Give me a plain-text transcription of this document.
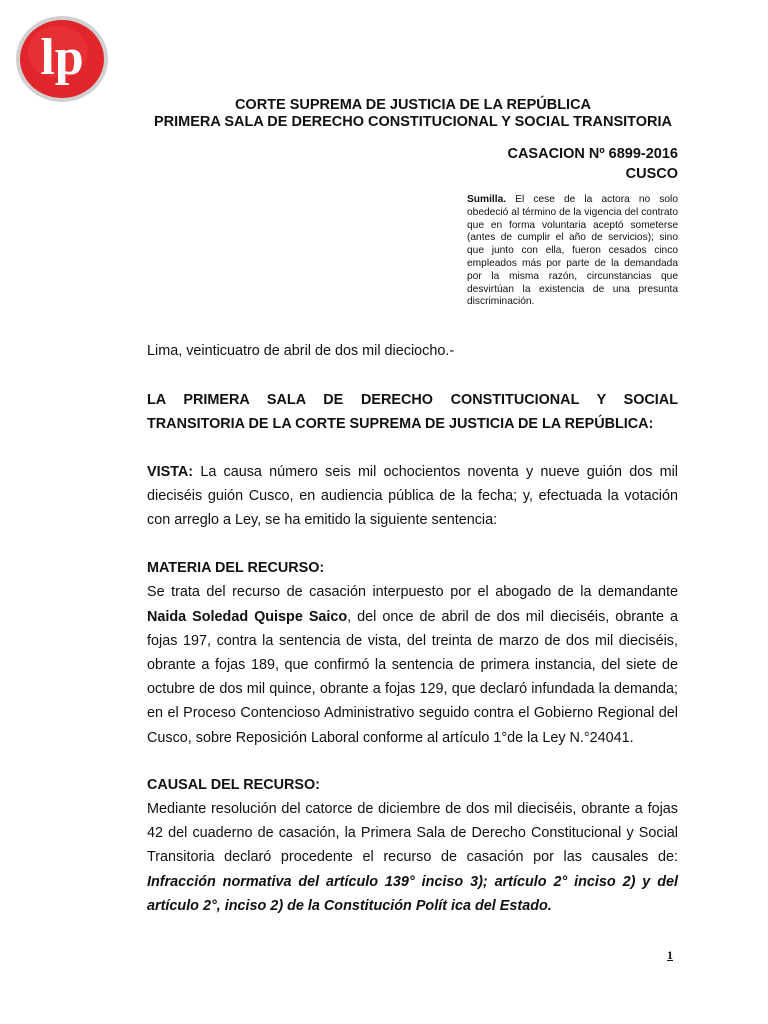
lp
CORTE SUPREMA DE JUSTICIA DE LA REPÚBLICA
PRIMERA SALA DE DERECHO CONSTITUCIONAL Y SOCIAL TRANSITORIA
CASACION Nº 6899-2016
CUSCO
Sumilla. El cese de la actora no solo obedeció al término de la vigencia del contrato que en forma voluntaria aceptó someterse (antes de cumplir el año de servicios); sino que junto con ella, fueron cesados cinco empleados más por parte de la demandada por la misma razón, circunstancias que desvirtúan la existencia de una presunta discriminación.

Lima, veinticuatro de abril de dos mil dieciocho.-

LA PRIMERA SALA DE DERECHO CONSTITUCIONAL Y SOCIAL TRANSITORIA DE LA CORTE SUPREMA DE JUSTICIA DE LA REPÚBLICA:

VISTA: La causa número seis mil ochocientos noventa y nueve guión dos mil dieciséis guión Cusco, en audiencia pública de la fecha; y, efectuada la votación con arreglo a Ley, se ha emitido la siguiente sentencia:

MATERIA DEL RECURSO:

Se trata del recurso de casación interpuesto por el abogado de la demandante Naida Soledad Quispe Saico, del once de abril de dos mil dieciséis, obrante a fojas 197, contra la sentencia de vista, del treinta de marzo de dos mil dieciséis, obrante a fojas 189, que confirmó la sentencia de primera instancia, del siete de octubre de dos mil quince, obrante a fojas 129, que declaró infundada la demanda; en el Proceso Contencioso Administrativo seguido contra el Gobierno Regional del Cusco, sobre Reposición Laboral conforme al artículo 1°de la Ley N.°24041.

CAUSAL DEL RECURSO:

Mediante resolución del catorce de diciembre de dos mil dieciséis, obrante a fojas 42 del cuaderno de casación, la Primera Sala de Derecho Constitucional y Social Transitoria declaró procedente el recurso de casación por las causales de: Infracción normativa del artículo 139° inciso 3); artículo 2° inciso 2) y del artículo 2°, inciso 2) de la Constitución Polít ica del Estado.

1
